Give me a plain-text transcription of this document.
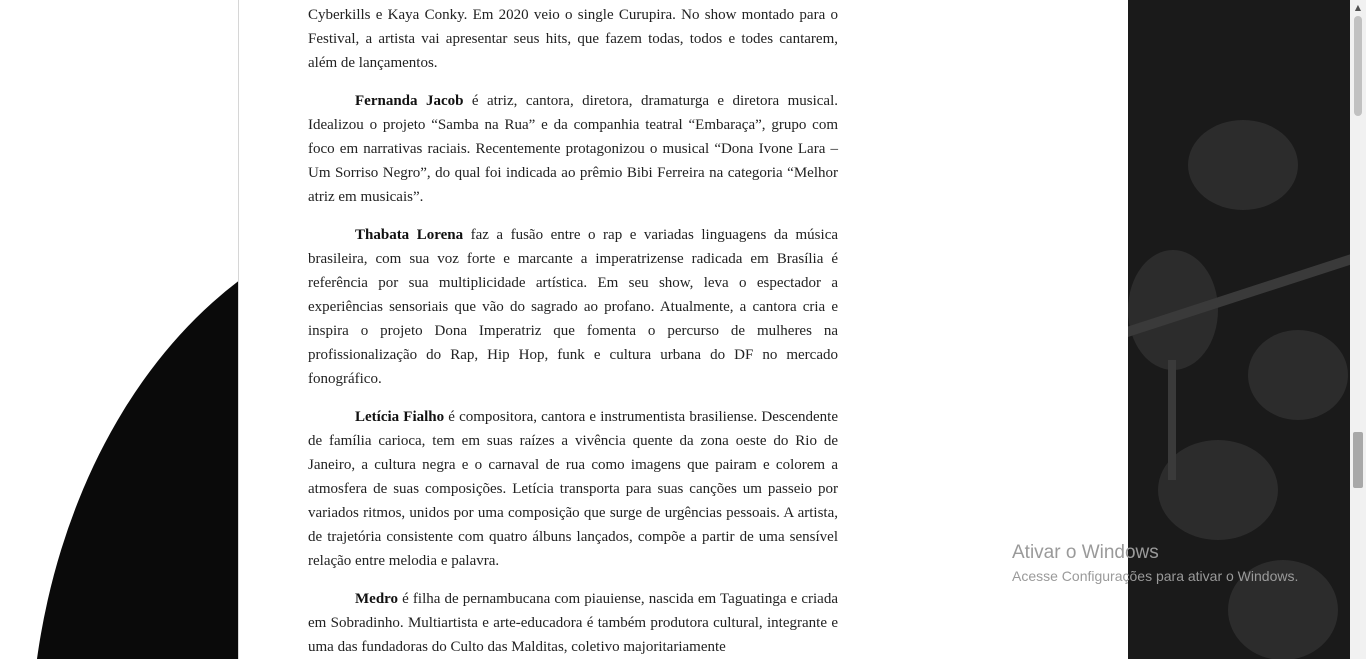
Cyberkills e Kaya Conky. Em 2020 veio o single Curupira. No show montado para o Festival, a artista vai apresentar seus hits, que fazem todas, todos e todes cantarem, além de lançamentos.

Fernanda Jacob é atriz, cantora, diretora, dramaturga e diretora musical. Idealizou o projeto “Samba na Rua” e da companhia teatral “Embaraça”, grupo com foco em narrativas raciais. Recentemente protagonizou o musical “Dona Ivone Lara – Um Sorriso Negro”, do qual foi indicada ao prêmio Bibi Ferreira na categoria “Melhor atriz em musicais”.

Thabata Lorena faz a fusão entre o rap e variadas linguagens da música brasileira, com sua voz forte e marcante a imperatrizense radicada em Brasília é referência por sua multiplicidade artística. Em seu show, leva o espectador a experiências sensoriais que vão do sagrado ao profano. Atualmente, a cantora cria e inspira o projeto Dona Imperatriz que fomenta o percurso de mulheres na profissionalização do Rap, Hip Hop, funk e cultura urbana do DF no mercado fonográfico.

Letícia Fialho é compositora, cantora e instrumentista brasiliense. Descendente de família carioca, tem em suas raízes a vivência quente da zona oeste do Rio de Janeiro, a cultura negra e o carnaval de rua como imagens que pairam e colorem a atmosfera de suas composições. Letícia transporta para suas canções um passeio por variados ritmos, unidos por uma composição que surge de urgências pessoais. A artista, de trajetória consistente com quatro álbuns lançados, compõe a partir de uma sensível relação entre melodia e palavra.

Medro é filha de pernambucana com piauiense, nascida em Taguatinga e criada em Sobradinho. Multiartista e arte-educadora é também produtora cultural, integrante e uma das fundadoras do Culto das Malditas, coletivo majoritariamente

Ativar o Windows
Acesse Configurações para ativar o Windows.
▲
